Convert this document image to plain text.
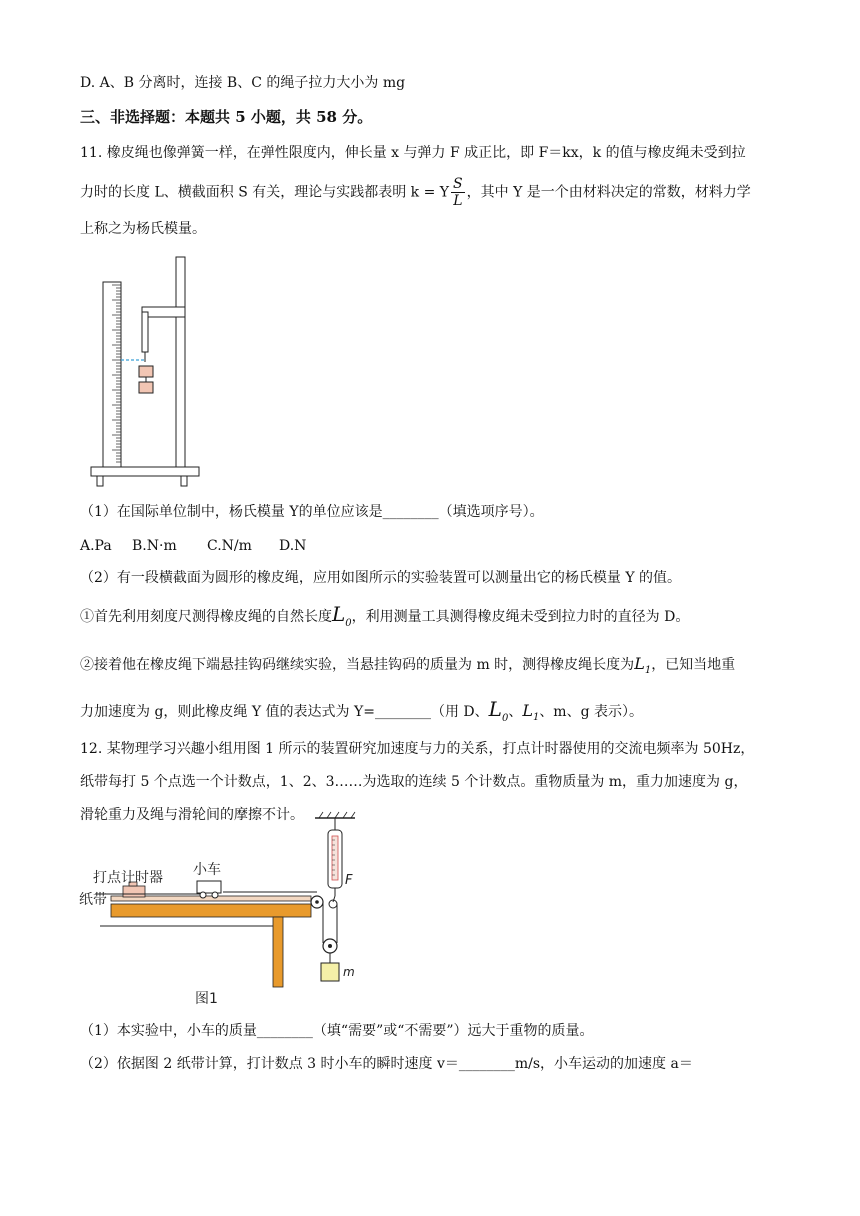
D. A、B 分离时，连接 B、C 的绳子拉力大小为 mg
三、非选择题：本题共 5 小题，共 58 分。
11. 橡皮绳也像弹簧一样，在弹性限度内，伸长量 x 与弹力 F 成正比，即 F＝kx，k 的值与橡皮绳未受到拉
力时的长度 L、横截面积 S 有关，理论与实践都表明 k = Y $\frac{S}{L}$ ，其中 Y 是一个由材料决定的常数，材料力学
上称之为杨氏模量。
（1）在国际单位制中，杨氏模量 Y的单位应该是________（填选项序号）。
A.Pa B.N·m C.N/m D.N
（2）有一段横截面为圆形的橡皮绳，应用如图所示的实验装置可以测量出它的杨氏模量 Y 的值。
①首先利用刻度尺测得橡皮绳的自然长度$L_0$，利用测量工具测得橡皮绳未受到拉力时的直径为 D。
②接着他在橡皮绳下端悬挂钩码继续实验，当悬挂钩码的质量为 m 时，测得橡皮绳长度为$L_1$，已知当地重
力加速度为 g，则此橡皮绳 Y 值的表达式为 Y=________（用 D、$L_0$、$L_1$、m、g 表示）。
12. 某物理学习兴趣小组用图 1 所示的装置研究加速度与力的关系，打点计时器使用的交流电频率为 50Hz，
纸带每打 5 个点选一个计数点，1、2、3……为选取的连续 5 个计数点。重物质量为 m，重力加速度为 g，
滑轮重力及绳与滑轮间的摩擦不计。
F
m
打点计时器 小车
纸带
图1
（1）本实验中，小车的质量________（填“需要”或“不需要”）远大于重物的质量。
（2）依据图 2 纸带计算，打计数点 3 时小车的瞬时速度 v＝________m/s，小车运动的加速度 a＝
